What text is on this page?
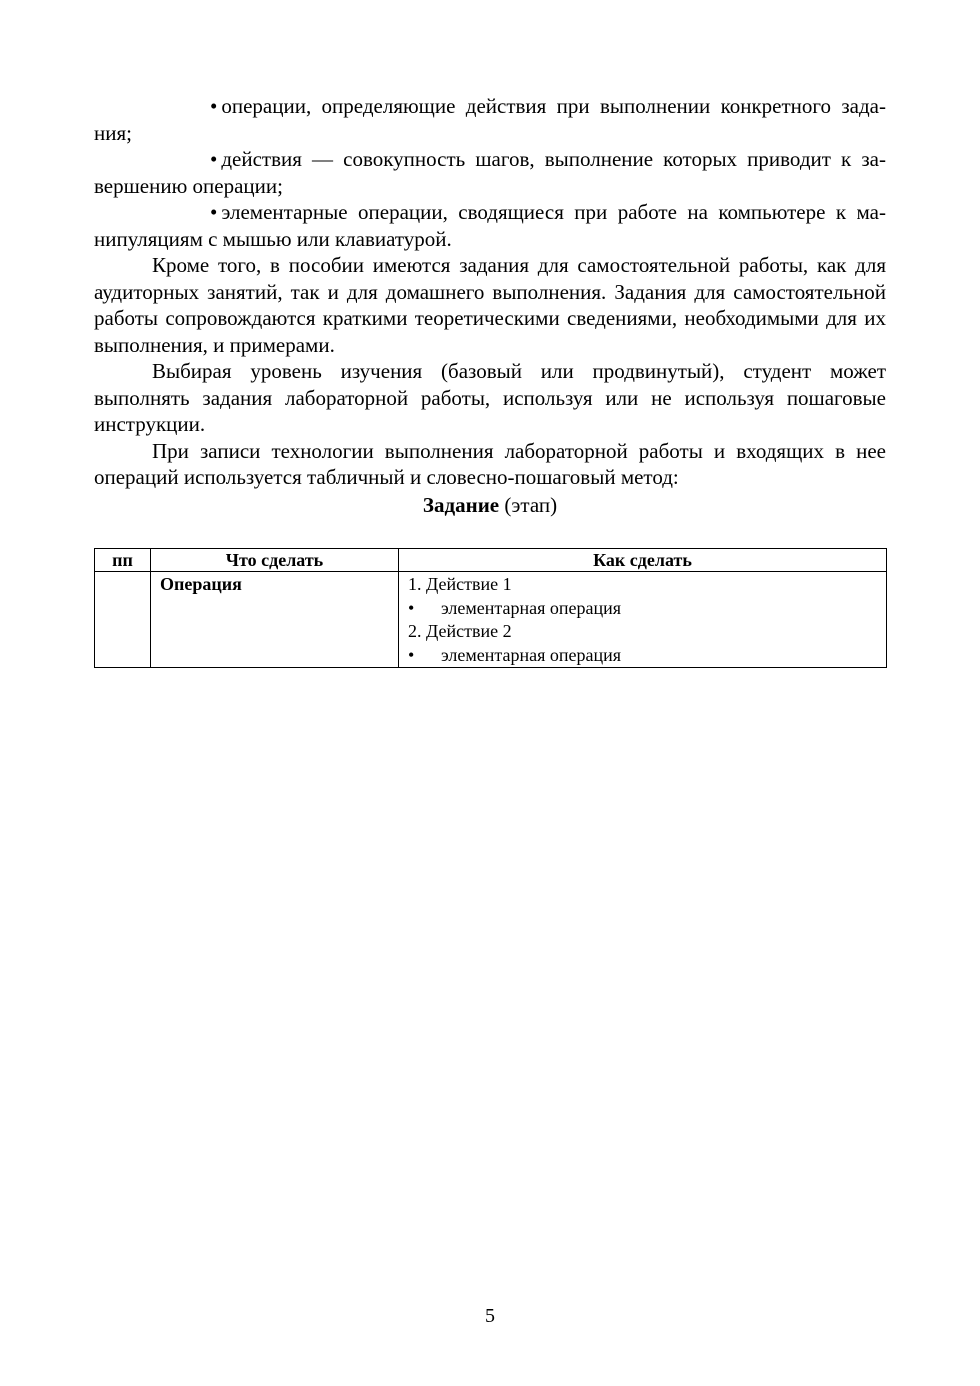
• операции, определяющие действия при выполнении конкретного задания;

• действия — совокупность шагов, выполнение которых приводит к завершению операции;

• элементарные операции, сводящиеся при работе на компьютере к манипуляциям с мышью или клавиатурой.

Кроме того, в пособии имеются задания для самостоятельной работы, как для аудиторных занятий, так и для домашнего выполнения. Задания для самостоятельной работы сопровождаются краткими теоретическими сведениями, необходимыми для их выполнения, и примерами.

Выбирая уровень изучения (базовый или продвинутый), студент может выполнять задания лабораторной работы, используя или не используя пошаговые инструкции.

При записи технологии выполнения лабораторной работы и входящих в нее операций используется табличный и словесно-пошаговый метод:

Задание (этап)

пп	Что сделать	Как сделать
	Операция	1. Действие 1
• элементарная операция
2. Действие 2
• элементарная операция
5
